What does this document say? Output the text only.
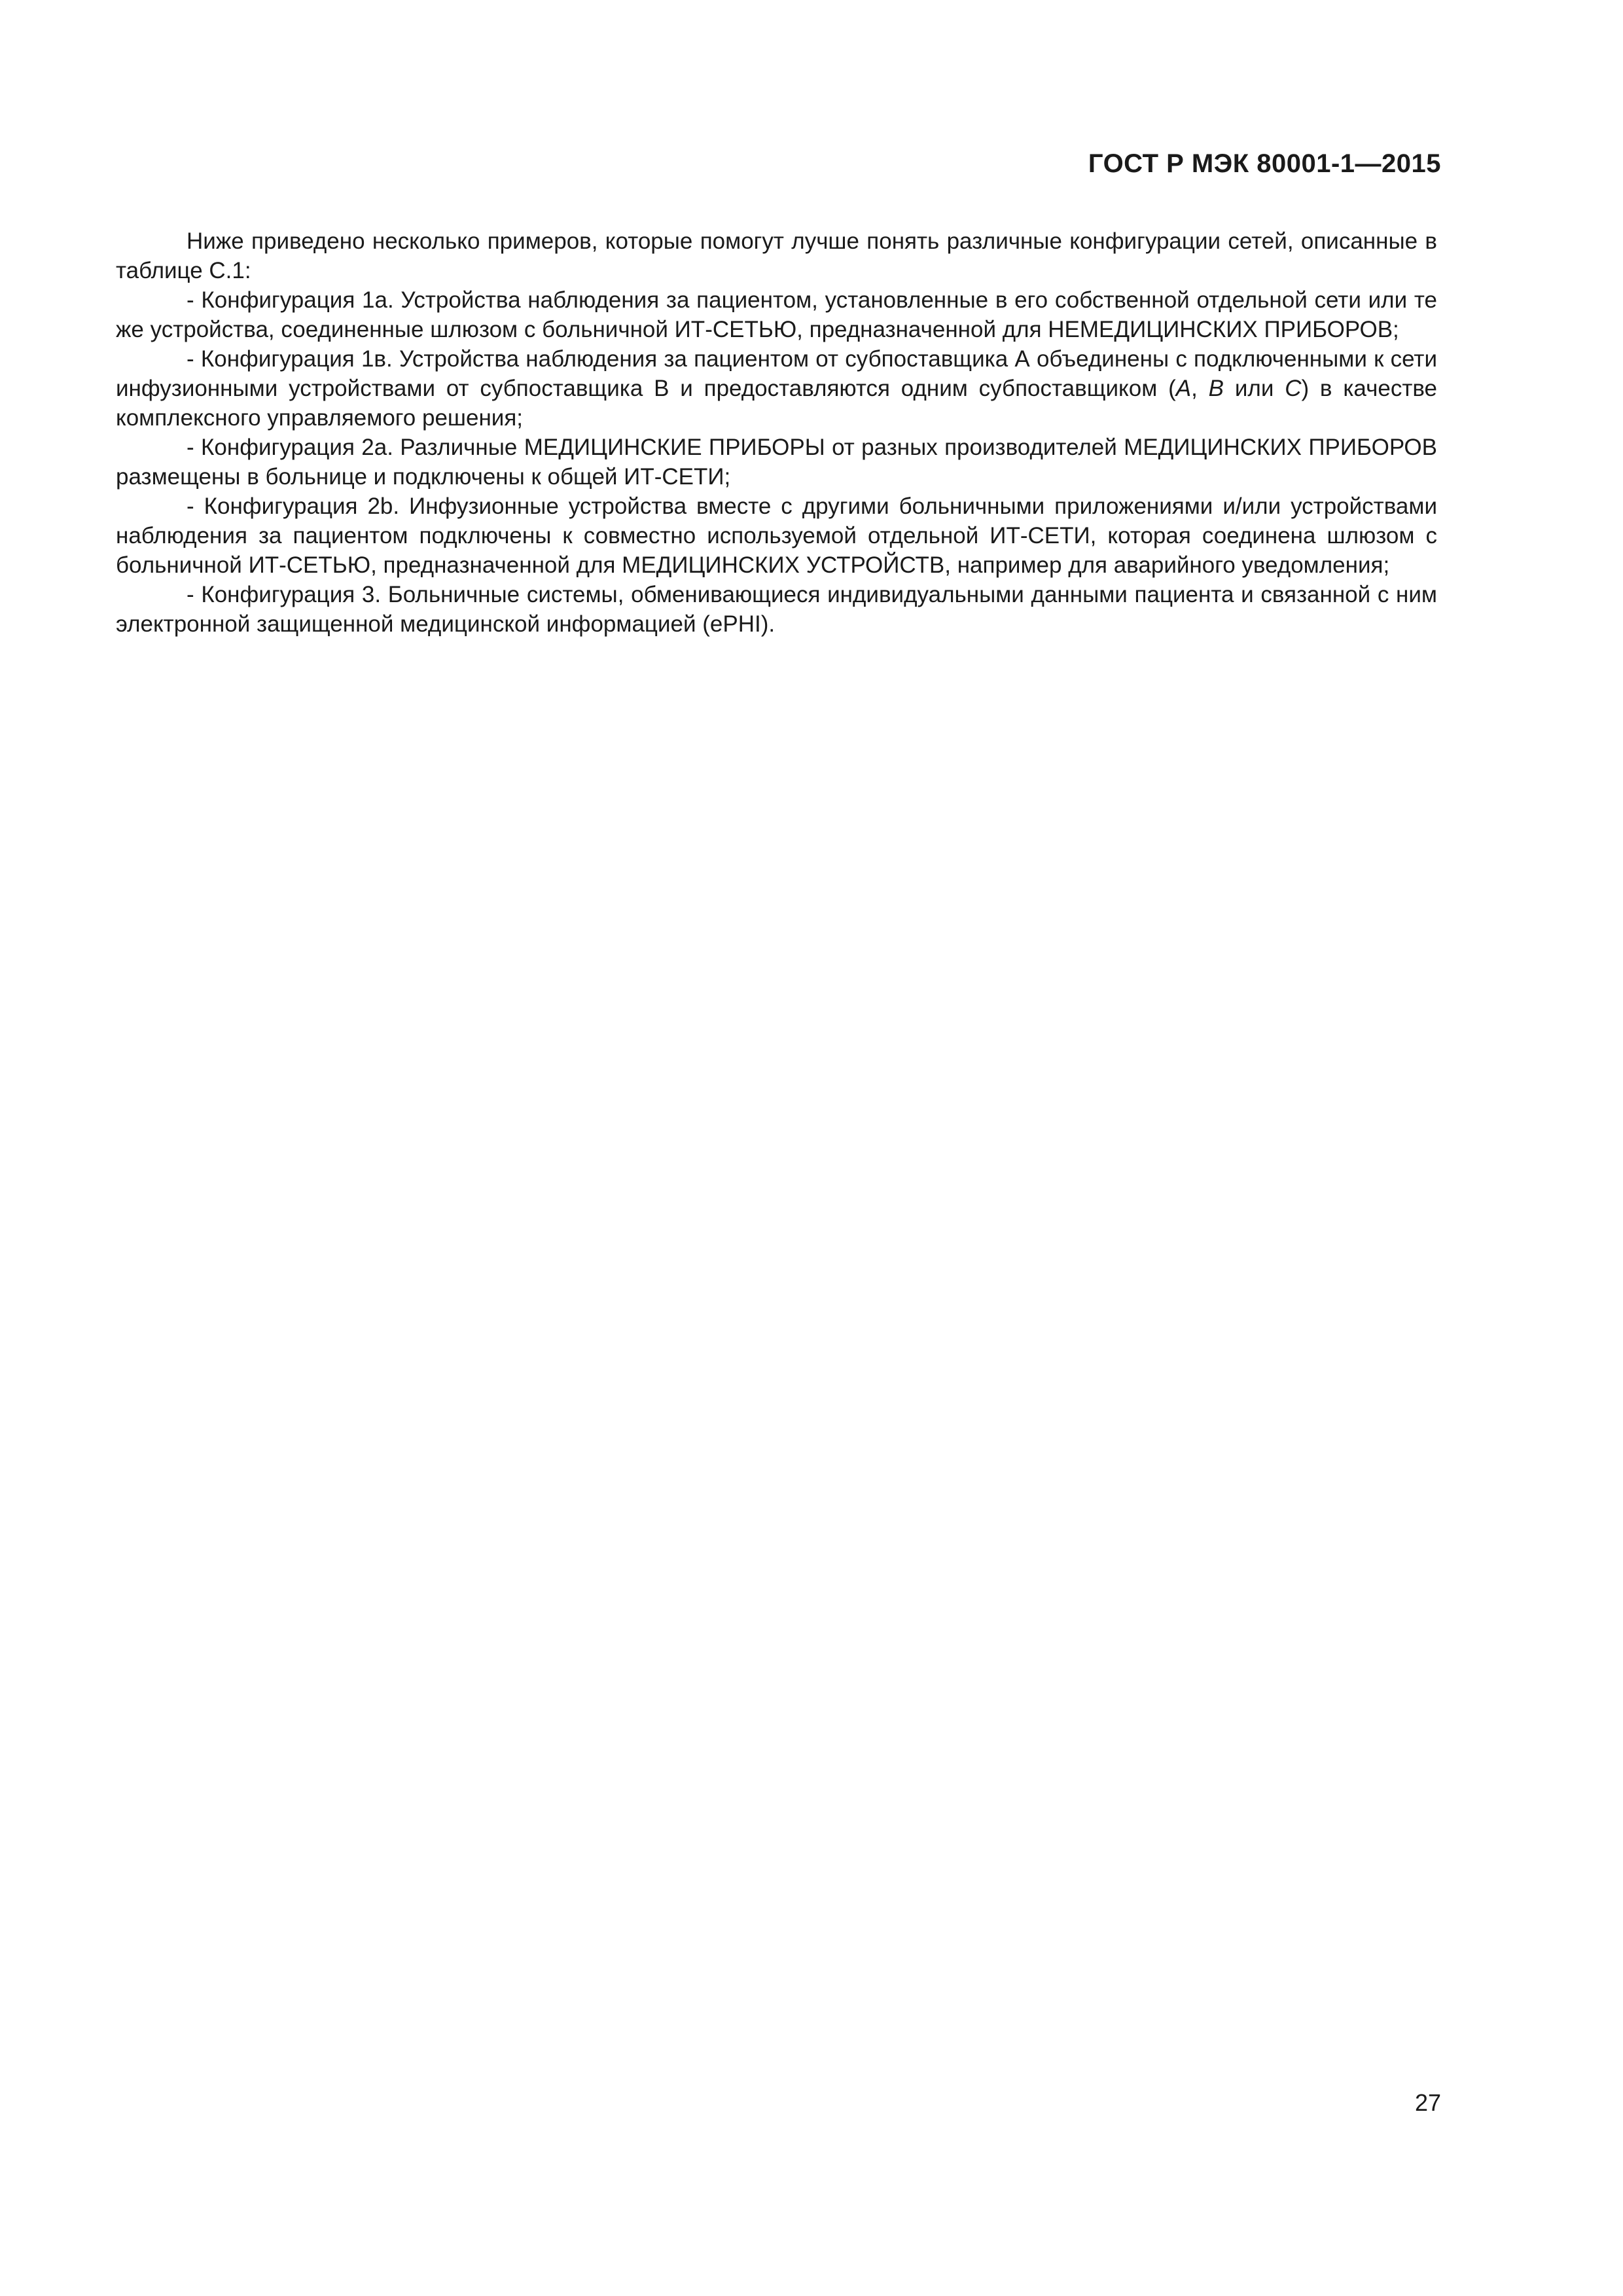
ГОСТ Р МЭК 80001-1—2015

Ниже приведено несколько примеров, которые помогут лучше понять различные конфигурации сетей, описанные в таблице C.1:

- Конфигурация 1а. Устройства наблюдения за пациентом, установленные в его собственной отдельной сети или те же устройства, соединенные шлюзом с больничной ИТ-СЕТЬЮ, предназначенной для НЕМЕДИЦИНСКИХ ПРИБОРОВ;

- Конфигурация 1в. Устройства наблюдения за пациентом от субпоставщика А объединены с подключенными к сети инфузионными устройствами от субпоставщика В и предоставляются одним субпоставщиком (А, В или С) в качестве комплексного управляемого решения;

- Конфигурация 2а. Различные МЕДИЦИНСКИЕ ПРИБОРЫ от разных производителей МЕДИЦИНСКИХ ПРИБОРОВ размещены в больнице и подключены к общей ИТ-СЕТИ;

- Конфигурация 2b. Инфузионные устройства вместе с другими больничными приложениями и/или устройствами наблюдения за пациентом подключены к совместно используемой отдельной ИТ-СЕТИ, которая соединена шлюзом с больничной ИТ-СЕТЬЮ, предназначенной для МЕДИЦИНСКИХ УСТРОЙСТВ, например для аварийного уведомления;

- Конфигурация 3. Больничные системы, обменивающиеся индивидуальными данными пациента и связанной с ним электронной защищенной медицинской информацией (ePHI).

27
